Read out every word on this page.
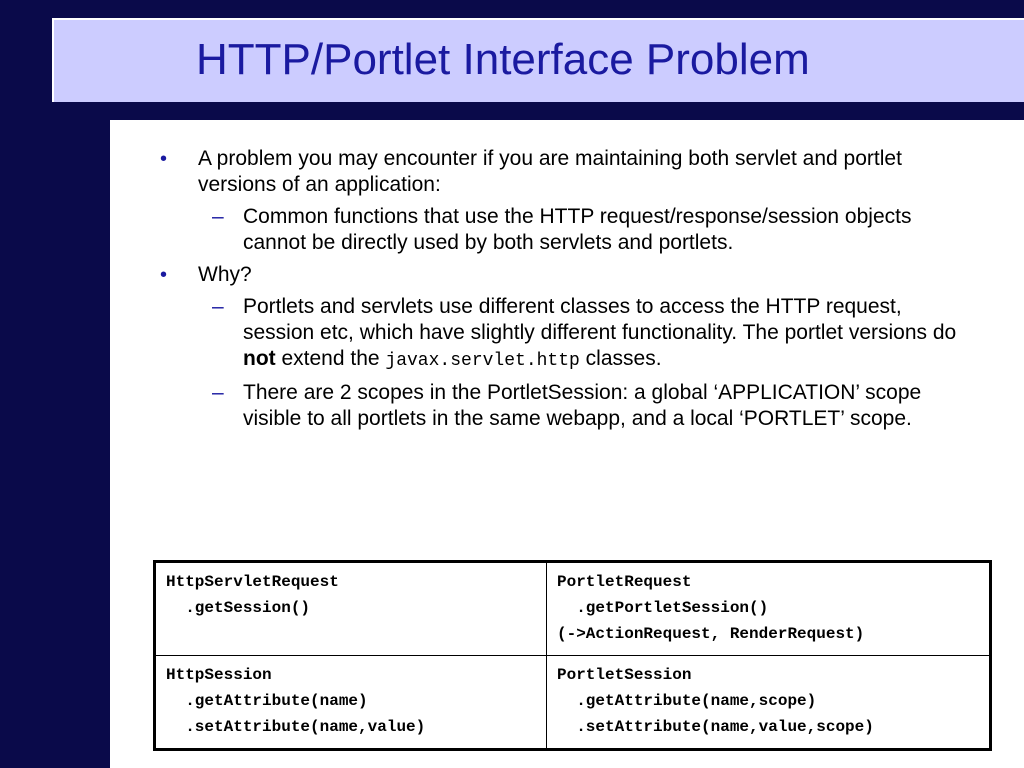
HTTP/Portlet Interface Problem
• A problem you may encounter if you are maintaining both servlet and portlet versions of an application:
– Common functions that use the HTTP request/response/session objects cannot be directly used by both servlets and portlets.
• Why?
– Portlets and servlets use different classes to access the HTTP request, session etc, which have slightly different functionality. The portlet versions do not extend the javax.servlet.http classes.
– There are 2 scopes in the PortletSession: a global ‘APPLICATION’ scope visible to all portlets in the same webapp, and a local ‘PORTLET’ scope.
HttpServletRequest
.getSession()	PortletRequest
.getPortletSession()
(->ActionRequest, RenderRequest)

HttpSession
.getAttribute(name)
.setAttribute(name,value)	PortletSession
.getAttribute(name,scope)
.setAttribute(name,value,scope)
